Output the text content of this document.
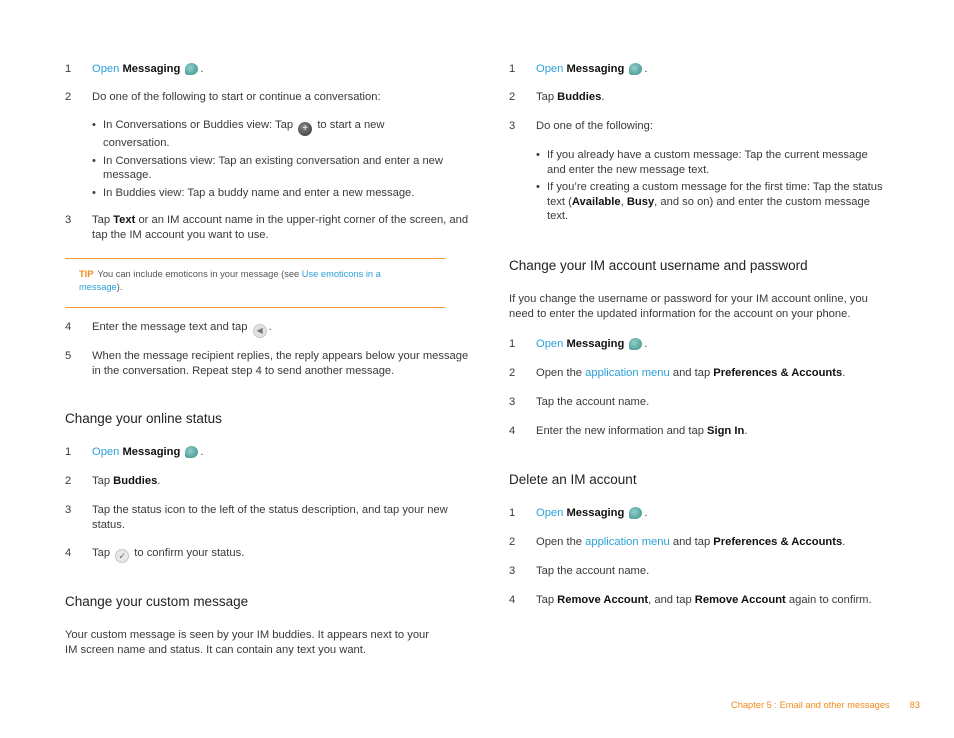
1	Open Messaging .
2	Do one of the following to start or continue a conversation:
• In Conversations or Buddies view: Tap + to start a new conversation.
• In Conversations view: Tap an existing conversation and enter a new message.
• In Buddies view: Tap a buddy name and enter a new message.
3	Tap Text or an IM account name in the upper-right corner of the screen, and tap the IM account you want to use.
TIP You can include emoticons in your message (see Use emoticons in a message).
4	Enter the message text and tap ◀ .
5	When the message recipient replies, the reply appears below your message in the conversation. Repeat step 4 to send another message.
Change your online status
1	Open Messaging .
2	Tap Buddies.
3	Tap the status icon to the left of the status description, and tap your new status.
4	Tap ✓ to confirm your status.
Change your custom message
Your custom message is seen by your IM buddies. It appears next to your IM screen name and status. It can contain any text you want.
1	Open Messaging .
2	Tap Buddies.
3	Do one of the following:
• If you already have a custom message: Tap the current message and enter the new message text.
• If you’re creating a custom message for the first time: Tap the status text (Available, Busy, and so on) and enter the custom message text.
Change your IM account username and password
If you change the username or password for your IM account online, you need to enter the updated information for the account on your phone.
1	Open Messaging .
2	Open the application menu and tap Preferences & Accounts.
3	Tap the account name.
4	Enter the new information and tap Sign In.
Delete an IM account
1	Open Messaging .
2	Open the application menu and tap Preferences & Accounts.
3	Tap the account name.
4	Tap Remove Account, and tap Remove Account again to confirm.
Chapter 5 : Email and other messages 83
